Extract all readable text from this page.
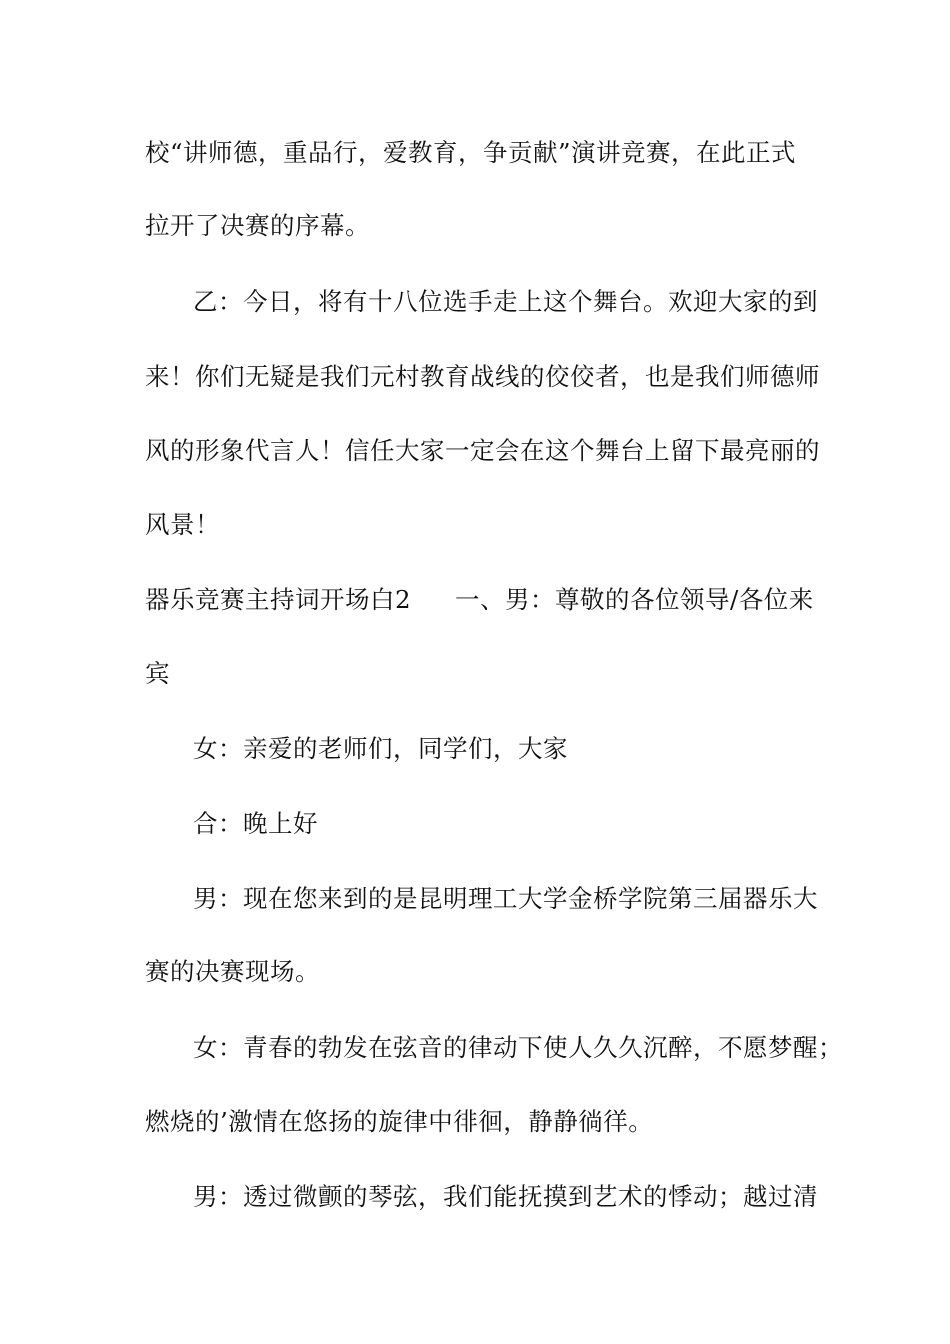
校“讲师德，重品行，爱教育，争贡献”演讲竞赛，在此正式
拉开了决赛的序幕。
乙：今日，将有十八位选手走上这个舞台。欢迎大家的到
来！你们无疑是我们元村教育战线的佼佼者，也是我们师德师
风的形象代言人！信任大家一定会在这个舞台上留下最亮丽的
风景！
器乐竞赛主持词开场白2 一、男：尊敬的各位领导/各位来
宾
女：亲爱的老师们，同学们，大家
合：晚上好
男：现在您来到的是昆明理工大学金桥学院第三届器乐大
赛的决赛现场。
女：青春的勃发在弦音的律动下使人久久沉醉，不愿梦醒；
燃烧的’激情在悠扬的旋律中徘徊，静静徜徉。
男：透过微颤的琴弦，我们能抚摸到艺术的悸动；越过清
